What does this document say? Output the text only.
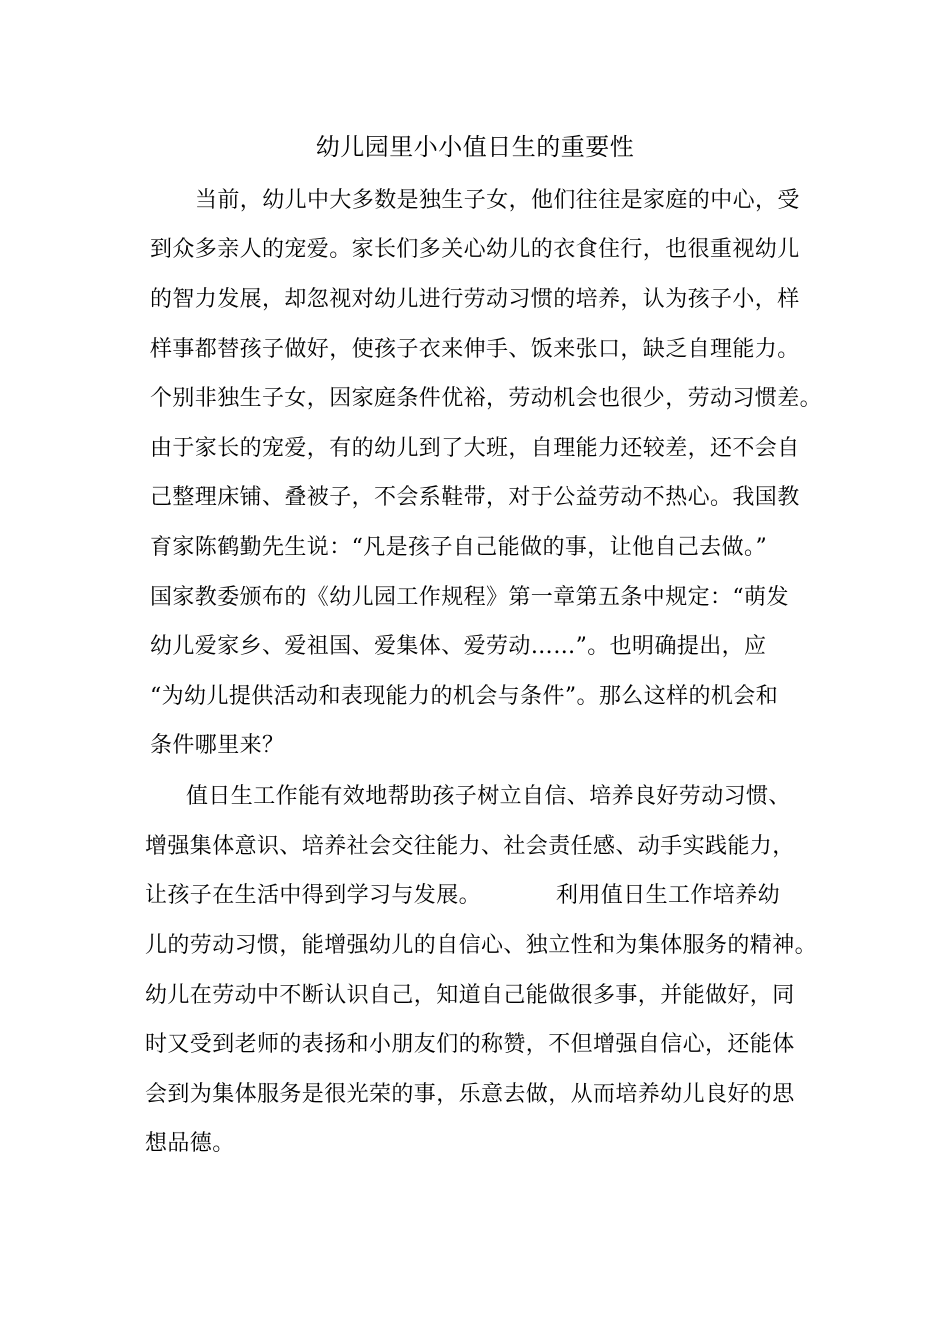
幼儿园里小小值日生的重要性
当前，幼儿中大多数是独生子女，他们往往是家庭的中心，受
到众多亲人的宠爱。家长们多关心幼儿的衣食住行，也很重视幼儿
的智力发展，却忽视对幼儿进行劳动习惯的培养，认为孩子小，样
样事都替孩子做好，使孩子衣来伸手、饭来张口，缺乏自理能力。
个别非独生子女，因家庭条件优裕，劳动机会也很少，劳动习惯差。
由于家长的宠爱，有的幼儿到了大班，自理能力还较差，还不会自
己整理床铺、叠被子，不会系鞋带，对于公益劳动不热心。我国教
育家陈鹤勤先生说：“凡是孩子自己能做的事，让他自己去做。”
国家教委颁布的《幼儿园工作规程》第一章第五条中规定：“萌发
幼儿爱家乡、爱祖国、爱集体、爱劳动……”。也明确提出，应
“为幼儿提供活动和表现能力的机会与条件”。那么这样的机会和
条件哪里来？
值日生工作能有效地帮助孩子树立自信、培养良好劳动习惯、
增强集体意识、培养社会交往能力、社会责任感、动手实践能力，
让孩子在生活中得到学习与发展。	利用值日生工作培养幼
儿的劳动习惯，能增强幼儿的自信心、独立性和为集体服务的精神。
幼儿在劳动中不断认识自己，知道自己能做很多事，并能做好，同
时又受到老师的表扬和小朋友们的称赞，不但增强自信心，还能体
会到为集体服务是很光荣的事，乐意去做，从而培养幼儿良好的思
想品德。
